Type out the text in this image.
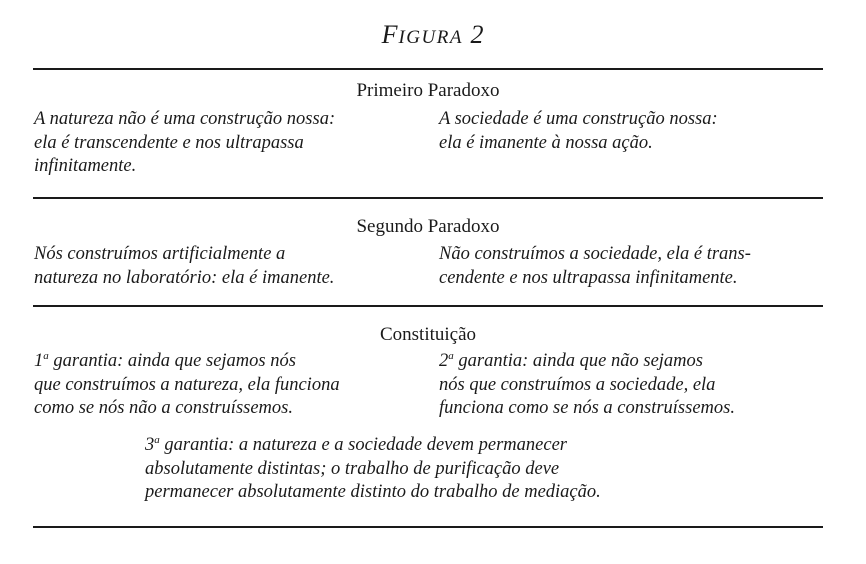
FIGURA 2
Primeiro Paradoxo
A natureza não é uma construção nossa:
ela é transcendente e nos ultrapassa
infinitamente.
A sociedade é uma construção nossa:
ela é imanente à nossa ação.
Segundo Paradoxo
Nós construímos artificialmente a
natureza no laboratório: ela é imanente.
Não construímos a sociedade, ela é trans-
cendente e nos ultrapassa infinitamente.
Constituição
1$^a$ garantia: ainda que sejamos nós
que construímos a natureza, ela funciona
como se nós não a construíssemos.
2$^a$ garantia: ainda que não sejamos
nós que construímos a sociedade, ela
funciona como se nós a construíssemos.
3$^a$ garantia: a natureza e a sociedade devem permanecer
absolutamente distintas; o trabalho de purificação deve
permanecer absolutamente distinto do trabalho de mediação.
